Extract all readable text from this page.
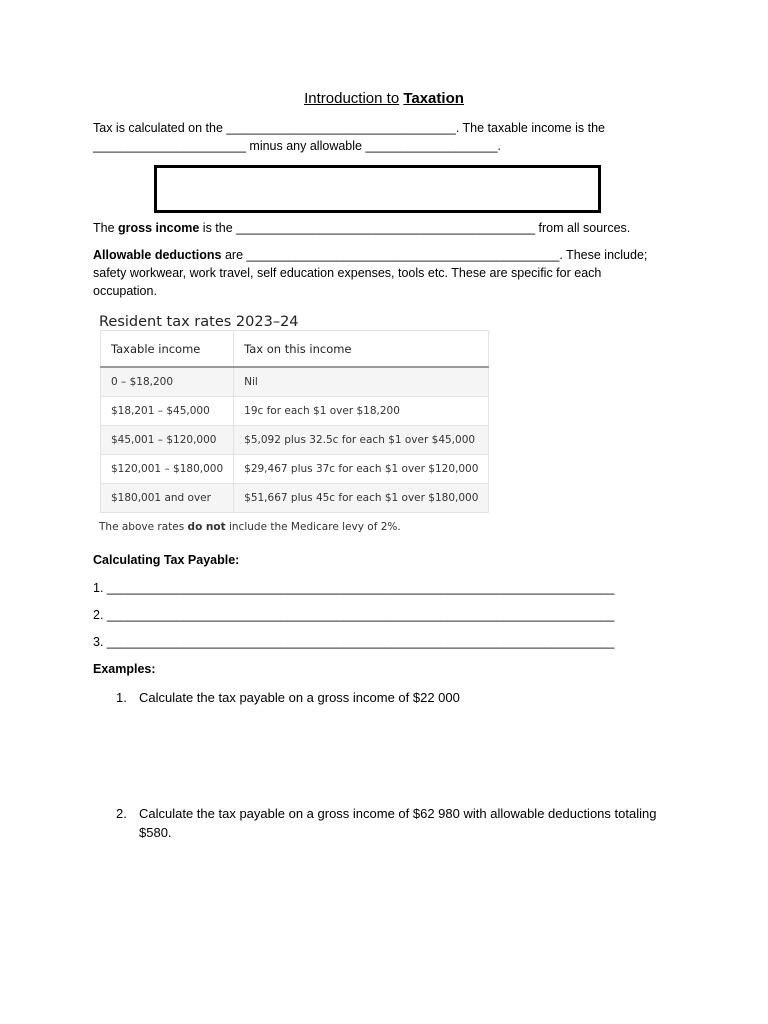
Introduction to Taxation
Tax is calculated on the _________________________________. The taxable income is the
______________________ minus any allowable ___________________.
The gross income is the ___________________________________________ from all sources.
Allowable deductions are _____________________________________________. These include;
safety workwear, work travel, self education expenses, tools etc. These are specific for each
occupation.
Resident tax rates 2023–24
Taxable income	Tax on this income
0 – $18,200	Nil
$18,201 – $45,000	19c for each $1 over $18,200
$45,001 – $120,000	$5,092 plus 32.5c for each $1 over $45,000
$120,001 – $180,000	$29,467 plus 37c for each $1 over $120,000
$180,001 and over	$51,667 plus 45c for each $1 over $180,000
The above rates do not include the Medicare levy of 2%.
Calculating Tax Payable:
1. _________________________________________________________________________
2. _________________________________________________________________________
3. _________________________________________________________________________
Examples:
1. Calculate the tax payable on a gross income of $22 000
2. Calculate the tax payable on a gross income of $62 980 with allowable deductions totaling $580.
